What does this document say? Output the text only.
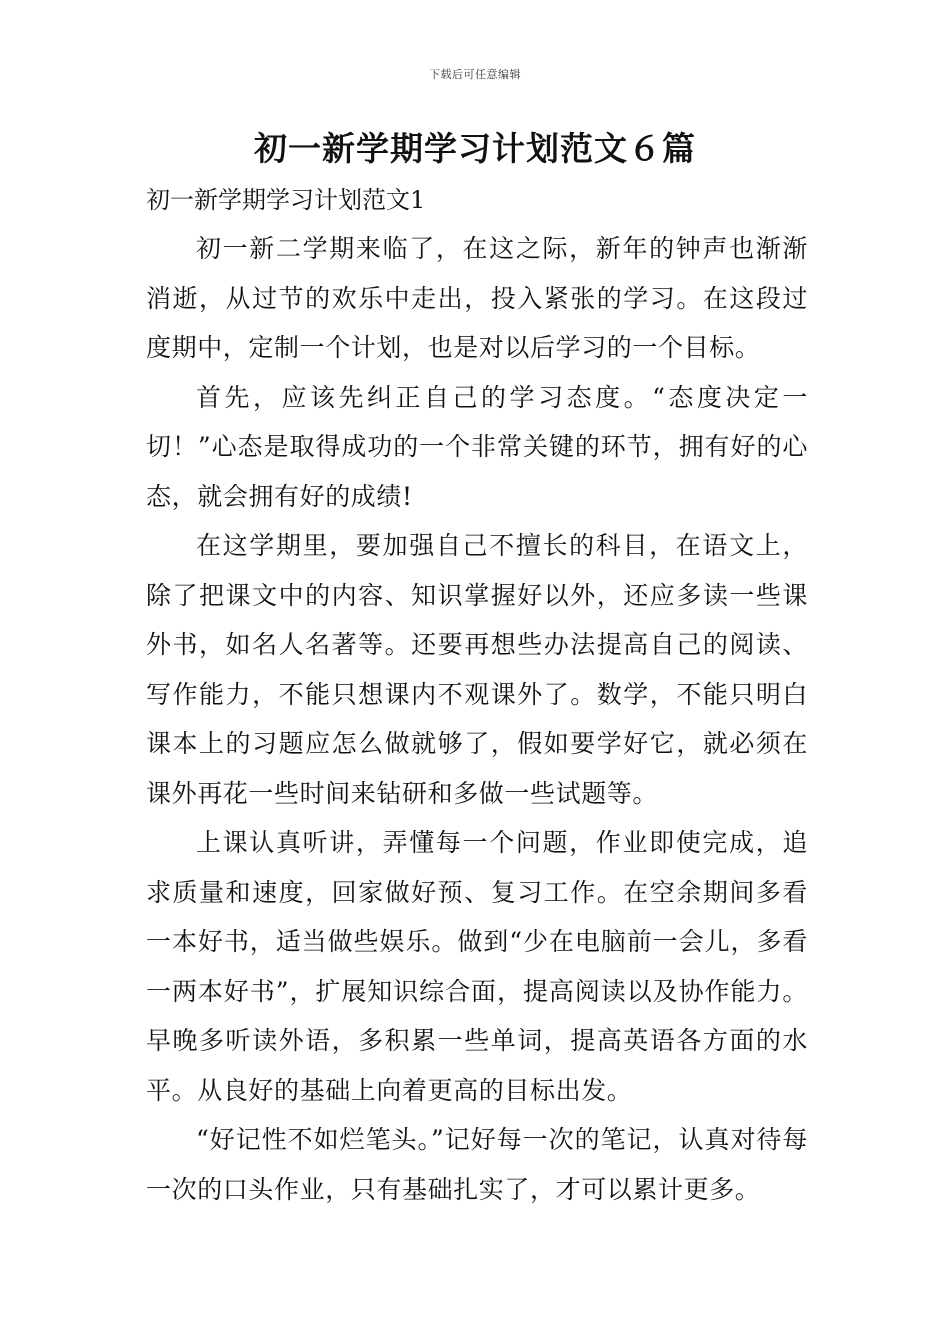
下载后可任意编辑
初一新学期学习计划范文６篇
初一新学期学习计划范文1

初一新二学期来临了，在这之际，新年的钟声也渐渐消逝，从过节的欢乐中走出，投入紧张的学习。在这段过度期中，定制一个计划，也是对以后学习的一个目标。

首先，应该先纠正自己的学习态度。“态度决定一切！”心态是取得成功的一个非常关键的环节，拥有好的心态，就会拥有好的成绩!

在这学期里，要加强自己不擅长的科目，在语文上，除了把课文中的内容、知识掌握好以外，还应多读一些课外书，如名人名著等。还要再想些办法提高自己的阅读、写作能力，不能只想课内不观课外了。数学，不能只明白课本上的习题应怎么做就够了，假如要学好它，就必须在课外再花一些时间来钻研和多做一些试题等。

上课认真听讲，弄懂每一个问题，作业即使完成，追求质量和速度，回家做好预、复习工作。在空余期间多看一本好书，适当做些娱乐。做到“少在电脑前一会儿，多看一两本好书”，扩展知识综合面，提高阅读以及协作能力。早晚多听读外语，多积累一些单词，提高英语各方面的水平。从良好的基础上向着更高的目标出发。

“好记性不如烂笔头。”记好每一次的笔记，认真对待每一次的口头作业，只有基础扎实了，才可以累计更多。
